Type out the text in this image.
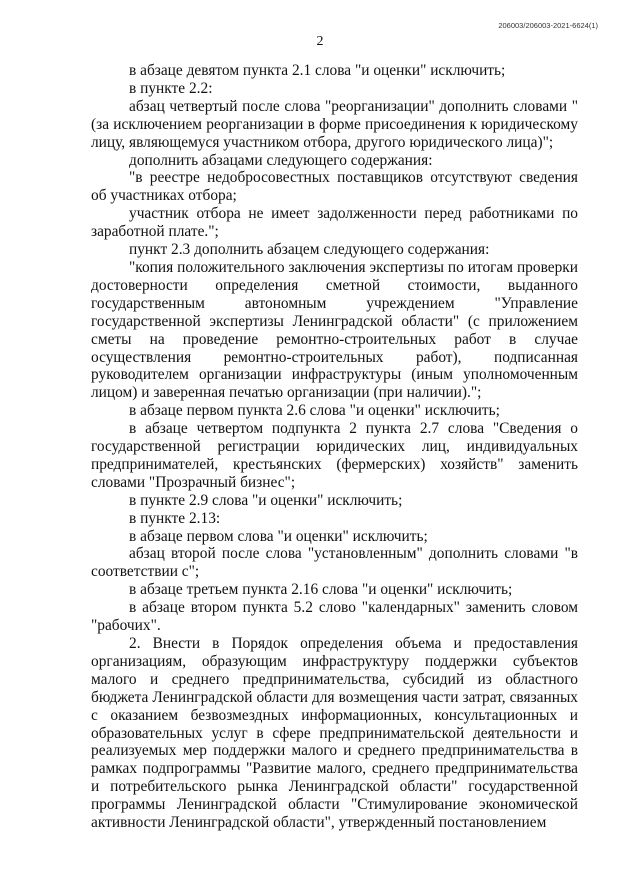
206003/206003-2021-6624(1)
2

в абзаце девятом пункта 2.1 слова "и оценки" исключить;

в пункте 2.2:

абзац четвертый после слова "реорганизации" дополнить словами "(за исключением реорганизации в форме присоединения к юридическому лицу, являющемуся участником отбора, другого юридического лица)";

дополнить абзацами следующего содержания:

"в реестре недобросовестных поставщиков отсутствуют сведения об участниках отбора;

участник отбора не имеет задолженности перед работниками по заработной плате.";

пункт 2.3 дополнить абзацем следующего содержания:

"копия положительного заключения экспертизы по итогам проверки достоверности определения сметной стоимости, выданного государственным автономным учреждением "Управление государственной экспертизы Ленинградской области" (с приложением сметы на проведение ремонтно-строительных работ в случае осуществления ремонтно-строительных работ), подписанная руководителем организации инфраструктуры (иным уполномоченным лицом) и заверенная печатью организации (при наличии).";

в абзаце первом пункта 2.6 слова "и оценки" исключить;

в абзаце четвертом подпункта 2 пункта 2.7 слова "Сведения о государственной регистрации юридических лиц, индивидуальных предпринимателей, крестьянских (фермерских) хозяйств" заменить словами "Прозрачный бизнес";

в пункте 2.9 слова "и оценки" исключить;

в пункте 2.13:

в абзаце первом слова "и оценки" исключить;

абзац второй после слова "установленным" дополнить словами "в соответствии с";

в абзаце третьем пункта 2.16 слова "и оценки" исключить;

в абзаце втором пункта 5.2 слово "календарных" заменить словом "рабочих".

2. Внести в Порядок определения объема и предоставления организациям, образующим инфраструктуру поддержки субъектов малого и среднего предпринимательства, субсидий из областного бюджета Ленинградской области для возмещения части затрат, связанных с оказанием безвозмездных информационных, консультационных и образовательных услуг в сфере предпринимательской деятельности и реализуемых мер поддержки малого и среднего предпринимательства в рамках подпрограммы "Развитие малого, среднего предпринимательства и потребительского рынка Ленинградской области" государственной программы Ленинградской области "Стимулирование экономической активности Ленинградской области", утвержденный постановлением
